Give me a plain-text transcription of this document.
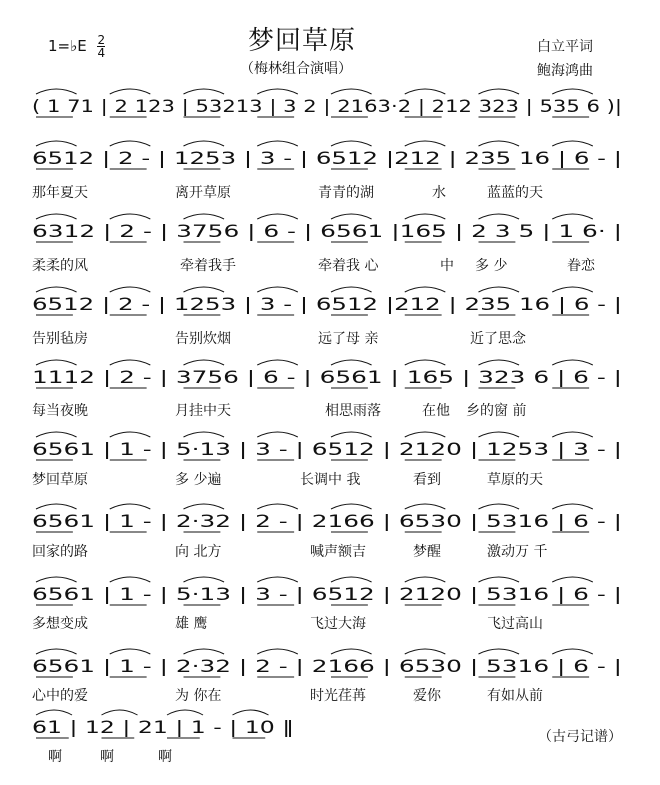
梦回草原
（梅林组合演唱）
白立平词
鲍海鸿曲
1=♭E $\frac{2}{4}$
( 1 71 | 2 123 | 53213 | 3 2 | 2163·2 | 212 323 | 535 6 )|
6512 | 2 - | 1253 | 3 - | 6512 |212 | 235 16 | 6 - |
6312 | 2 - | 3756 | 6 - | 6561 |165 | 2 3 5 | 1 6· |
6512 | 2 - | 1253 | 3 - | 6512 |212 | 235 16 | 6 - |
1112 | 2 - | 3756 | 6 - | 6561 | 165 | 323 6 | 6 - |
6561 | 1 - | 5·13 | 3 - | 6512 | 2120 | 1253 | 3 - |
6561 | 1 - | 2·32 | 2 - | 2166 | 6530 | 5316 | 6 - |
6561 | 1 - | 5·13 | 3 - | 6512 | 2120 | 5316 | 6 - |
6561 | 1 - | 2·32 | 2 - | 2166 | 6530 | 5316 | 6 - |
61 | 12 | 21 | 1 - | 10 ‖
那年夏天	离开草原	青青的湖	水	蓝蓝的天
柔柔的风	牵着我手	牵着我 心	中 多 少	眷恋
告别毡房	告别炊烟	远了母 亲	近了思念
每当夜晚	月挂中天	相思雨落	在他 乡的窗 前
梦回草原	多 少遍	长调中 我	看到	草原的天
回家的路	向 北方	喊声额吉	梦醒	激动万 千
多想变成	雄 鹰	飞过大海	飞过高山
心中的爱	为 你在	时光荏苒	爱你	有如从前
啊	啊	啊
（古弓记谱）
